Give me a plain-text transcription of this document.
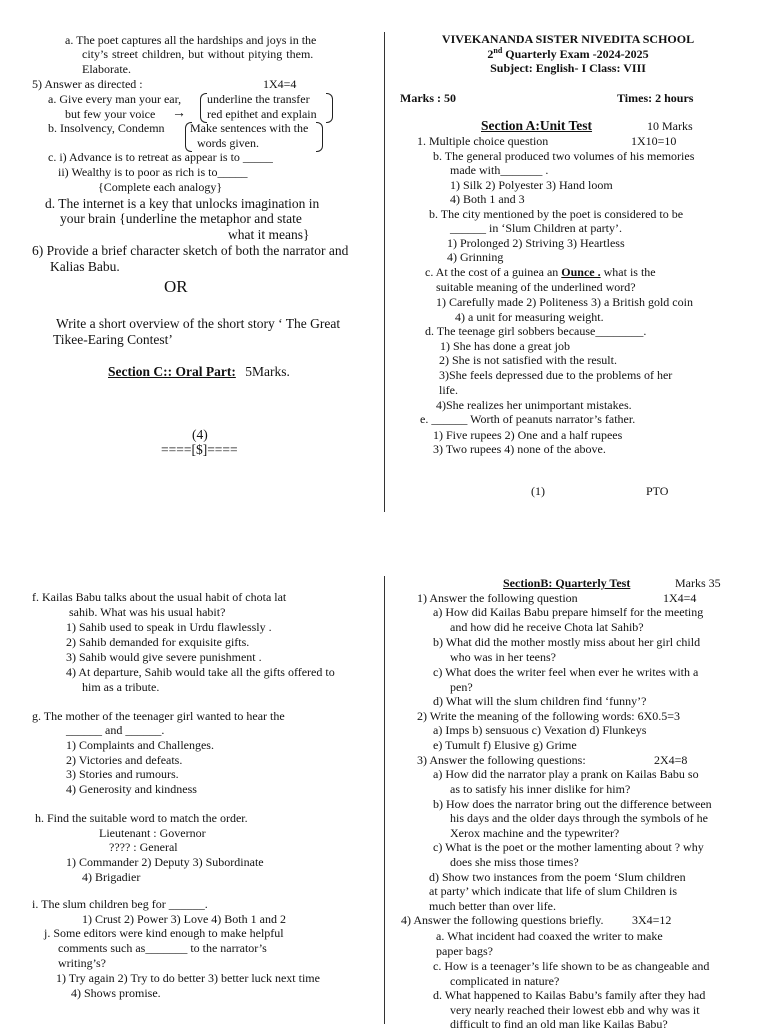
a. The poet captures all the hardships and joys in the
city’s street children, but without pitying them.
Elaborate.
5) Answer as directed :	1X4=4
a. Give every man your ear,
but few your voice →
underline the transfer
red epithet and explain
b. Insolvency, Condemn Make sentences with the
words given.
c. i) Advance is to retreat as appear is to _____
ii) Wealthy is to poor as rich is to_____
{Complete each analogy}
d. The internet is a key that unlocks imagination in
your brain {underline the metaphor and state
what it means}
6) Provide a brief character sketch of both the narrator and
Kalias Babu.
OR
Write a short overview of the short story ‘ The Great
Tikee-Earing Contest’
Section C:: Oral Part: 5Marks.
(4)
====[$]====
VIVEKANANDA SISTER NIVEDITA SCHOOL
2nd Quarterly Exam -2024-2025
Subject: English- I Class: VIII
Marks : 50	Times: 2 hours
Section A:Unit Test	10 Marks
1. Multiple choice question	1X10=10
b. The general produced two volumes of his memories
made with_______ .
1) Silk 2) Polyester 3) Hand loom
4) Both 1 and 3
b. The city mentioned by the poet is considered to be
______ in ‘Slum Children at party’.
1) Prolonged 2) Striving 3) Heartless
4) Grinning
c. At the cost of a guinea an Ounce . what is the
suitable meaning of the underlined word?
1) Carefully made 2) Politeness 3) a British gold coin
4) a unit for measuring weight.
d. The teenage girl sobbers because________.
1) She has done a great job
2) She is not satisfied with the result.
3)She feels depressed due to the problems of her
life.
4)She realizes her unimportant mistakes.
e. ______ Worth of peanuts narrator’s father.
1) Five rupees 2) One and a half rupees
3) Two rupees 4) none of the above.
(1)	PTO
f. Kailas Babu talks about the usual habit of chota lat
sahib. What was his usual habit?
1) Sahib used to speak in Urdu flawlessly .
2) Sahib demanded for exquisite gifts.
3) Sahib would give severe punishment .
4) At departure, Sahib would take all the gifts offered to
him as a tribute.
g. The mother of the teenager girl wanted to hear the
______ and ______.
1) Complaints and Challenges.
2) Victories and defeats.
3) Stories and rumours.
4) Generosity and kindness
h. Find the suitable word to match the order.
Lieutenant : Governor
???? : General
1) Commander 2) Deputy 3) Subordinate
4) Brigadier
i. The slum children beg for ______.
1) Crust 2) Power 3) Love 4) Both 1 and 2
j. Some editors were kind enough to make helpful
comments such as_______ to the narrator’s
writing’s?
1) Try again 2) Try to do better 3) better luck next time
4) Shows promise.
SectionB: Quarterly Test	Marks 35
1) Answer the following question	1X4=4
a) How did Kailas Babu prepare himself for the meeting
and how did he receive Chota lat Sahib?
b) What did the mother mostly miss about her girl child
who was in her teens?
c) What does the writer feel when ever he writes with a
pen?
d) What will the slum children find ‘funny’?
2) Write the meaning of the following words: 6X0.5=3
a) Imps b) sensuous c) Vexation d) Flunkeys
e) Tumult f) Elusive g) Grime
3) Answer the following questions:	2X4=8
a) How did the narrator play a prank on Kailas Babu so
as to satisfy his inner dislike for him?
b) How does the narrator bring out the difference between
his days and the older days through the symbols of he
Xerox machine and the typewriter?
c) What is the poet or the mother lamenting about ? why
does she miss those times?
d) Show two instances from the poem ‘Slum children
at party’ which indicate that life of slum Children is
much better than over life.
4) Answer the following questions briefly. 3X4=12
a. What incident had coaxed the writer to make
paper bags?
c. How is a teenager’s life shown to be as changeable and
complicated in nature?
d. What happened to Kailas Babu’s family after they had
very nearly reached their lowest ebb and why was it
difficult to find an old man like Kailas Babu?
